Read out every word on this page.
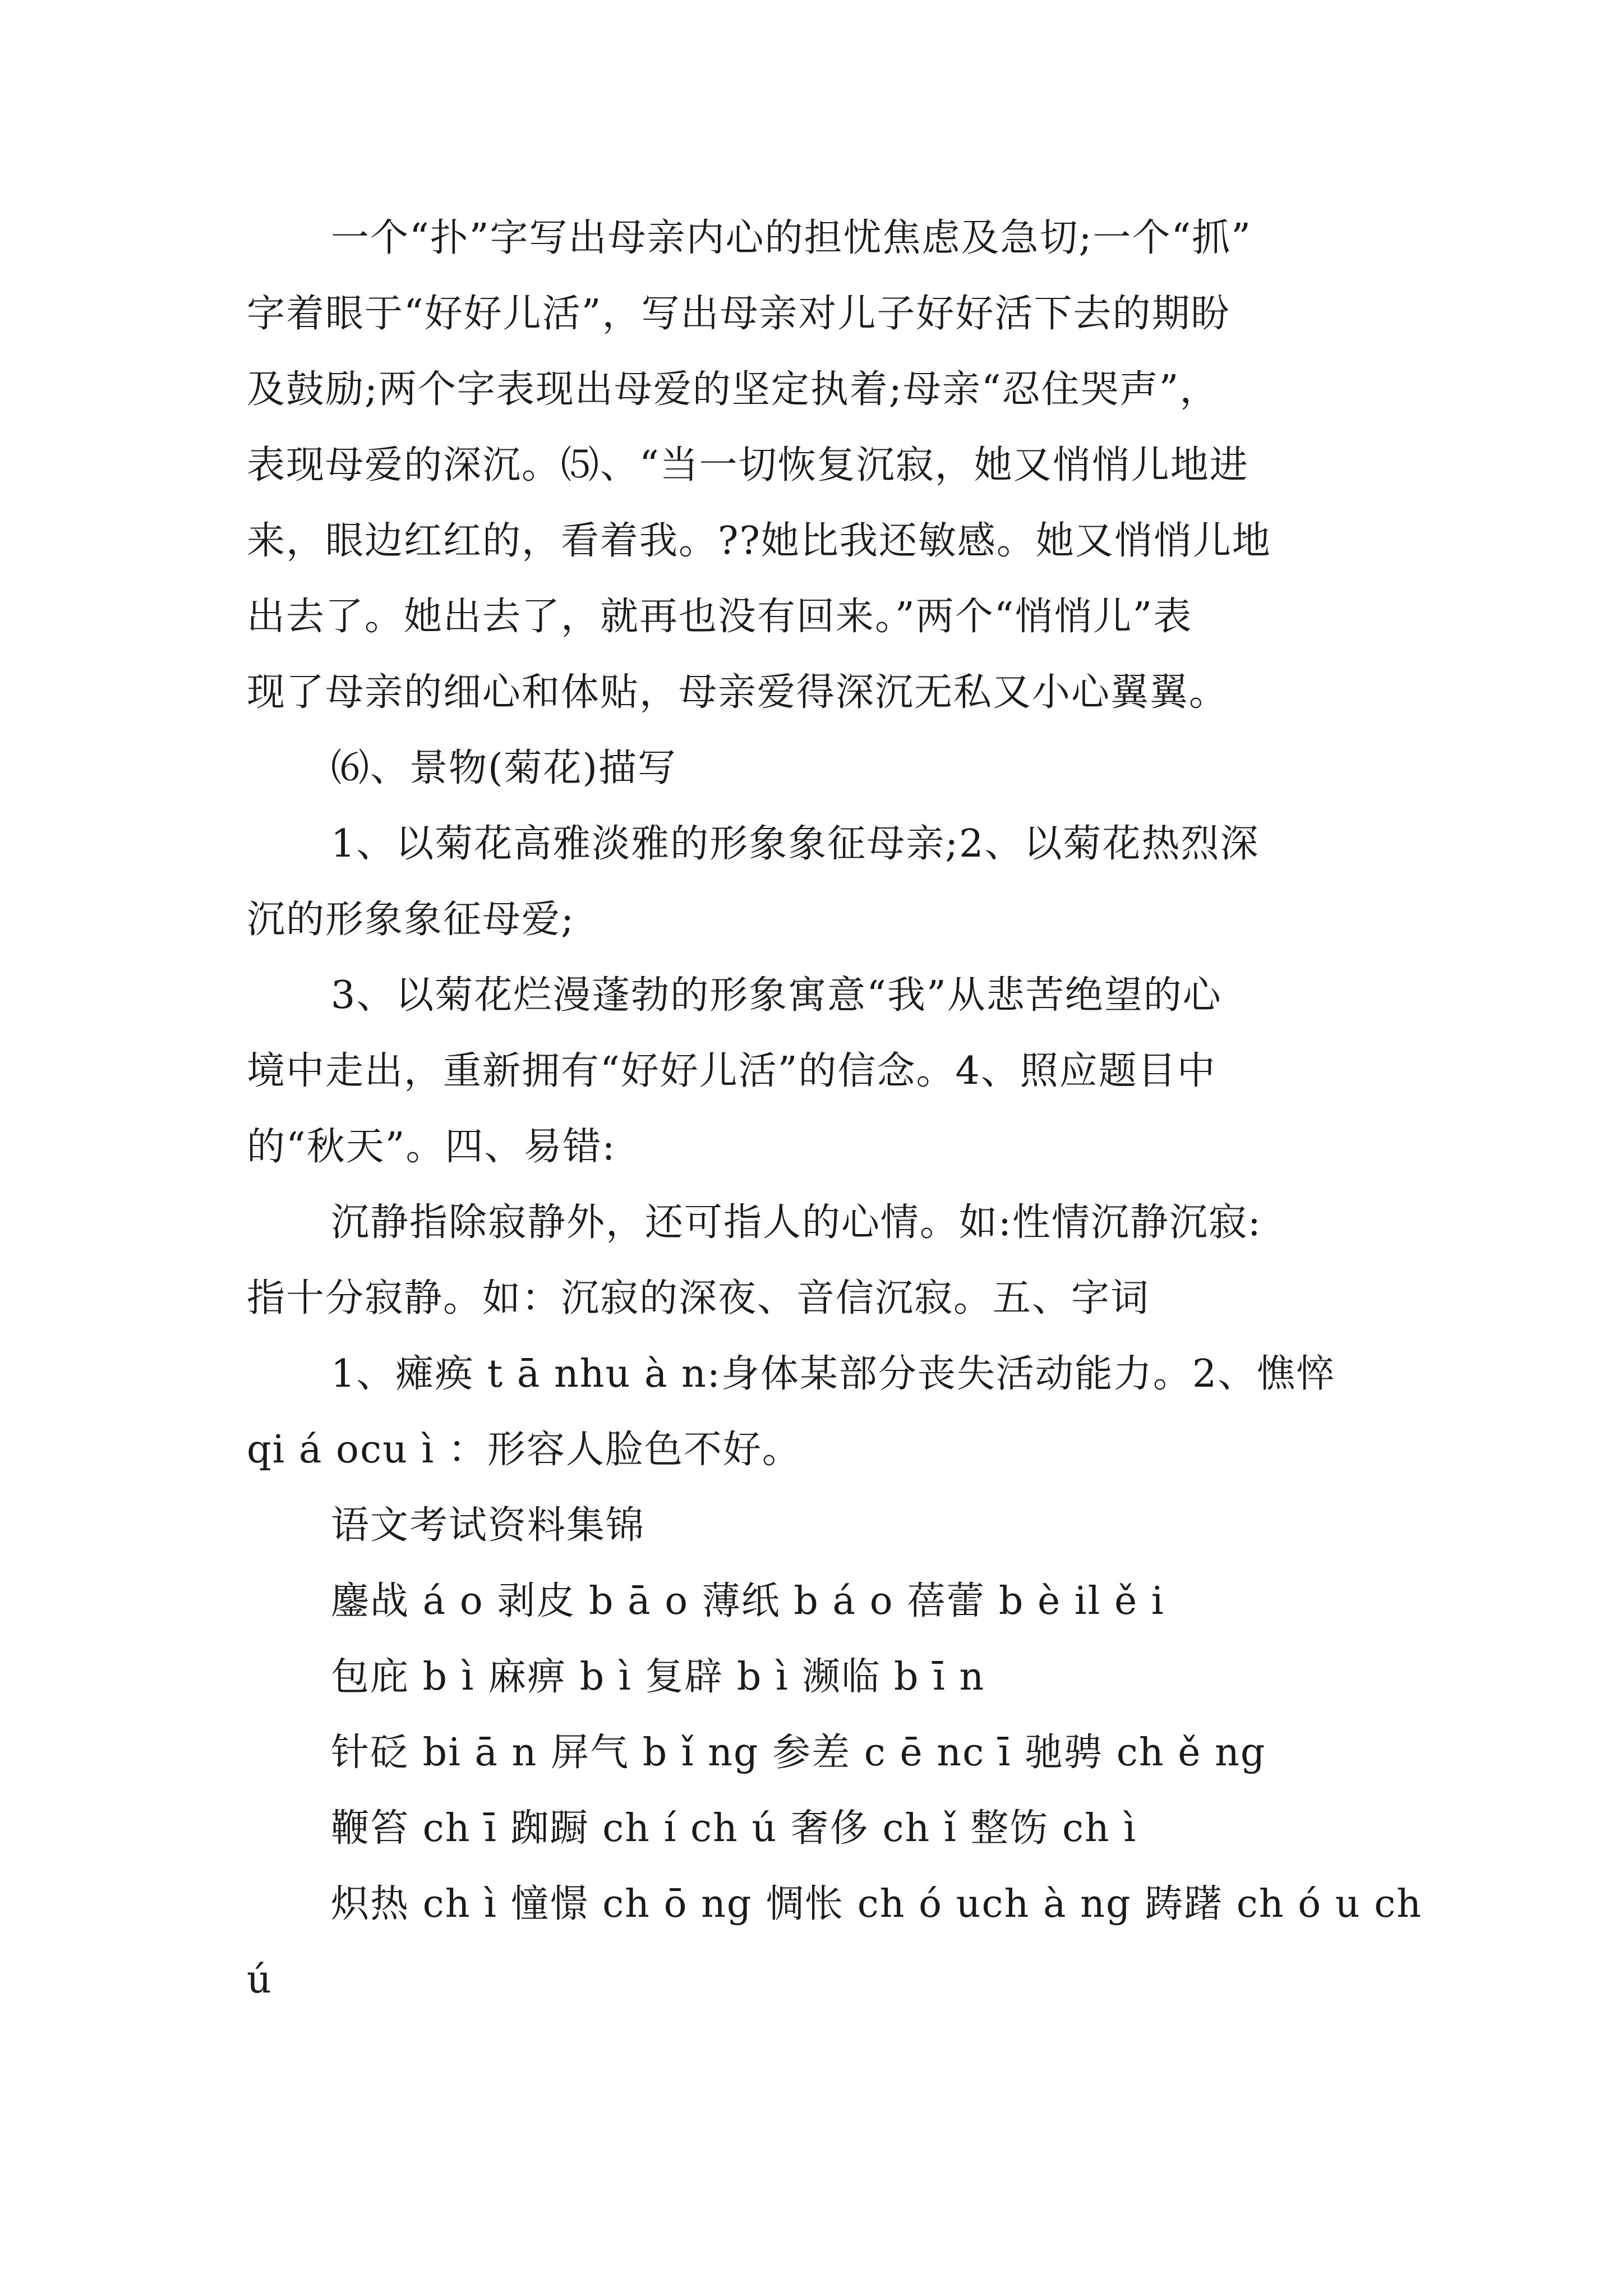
一个“扑”字写出母亲内心的担忧焦虑及急切;一个“抓”
字着眼于“好好儿活”，写出母亲对儿子好好活下去的期盼
及鼓励;两个字表现出母爱的坚定执着;母亲“忍住哭声”，
表现母爱的深沉。⑸、“当一切恢复沉寂，她又悄悄儿地进
来，眼边红红的，看着我。??她比我还敏感。她又悄悄儿地
出去了。她出去了，就再也没有回来。”两个“悄悄儿”表
现了母亲的细心和体贴，母亲爱得深沉无私又小心翼翼。
⑹、景物(菊花)描写
1、以菊花高雅淡雅的形象象征母亲;2、以菊花热烈深
沉的形象象征母爱;
3、以菊花烂漫蓬勃的形象寓意“我”从悲苦绝望的心
境中走出，重新拥有“好好儿活”的信念。4、照应题目中
的“秋天”。四、易错:
沉静指除寂静外，还可指人的心情。如:性情沉静沉寂:
指十分寂静。如：沉寂的深夜、音信沉寂。五、字词
1、瘫痪 t ā nhu à n:身体某部分丧失活动能力。2、憔悴
qi á ocu ì ：形容人脸色不好。
语文考试资料集锦
鏖战 á o 剥皮 b ā o 薄纸 b á o 蓓蕾 b è il ě i
包庇 b ì 麻痹 b ì 复辟 b ì 濒临 b ī n
针砭 bi ā n 屏气 b ǐ ng 参差 c ē nc ī 驰骋 ch ě ng
鞭笞 ch ī 踟蹰 ch í ch ú 奢侈 ch ǐ 整饬 ch ì
炽热 ch ì 憧憬 ch ō ng 惆怅 ch ó uch à ng 踌躇 ch ó u ch
ú
